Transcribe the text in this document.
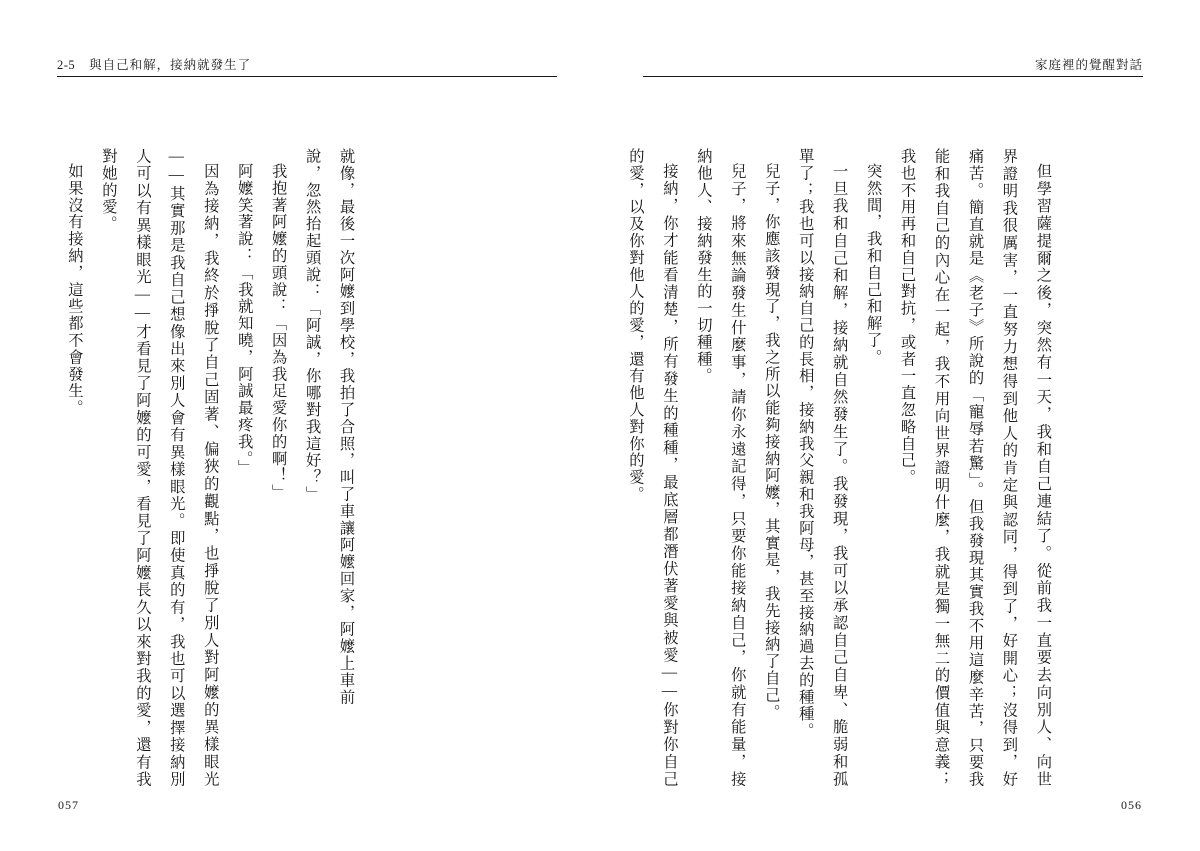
2-5 與自己和解，接納就發生了	家庭裡的覺醒對話

但學習薩提爾之後，突然有一天，我和自己連結了。從前我一直要去向別人、向世界證明我很厲害，一直努力想得到他人的肯定與認同，得到了，好開心；沒得到，好痛苦。簡直就是《老子》所說的「寵辱若驚」。但我發現其實我不用這麼辛苦，只要我能和我自己的內心在一起，我不用向世界證明什麼，我就是獨一無二的價值與意義；我也不用再和自己對抗，或者一直忽略自己。

突然間，我和自己和解了。

一旦我和自己和解，接納就自然發生了。我發現，我可以承認自己自卑、脆弱和孤單了；我也可以接納自己的長相，接納我父親和我阿母，甚至接納過去的種種。

兒子，你應該發現了，我之所以能夠接納阿嬤，其實是，我先接納了自己。

兒子，將來無論發生什麼事，請你永遠記得，只要你能接納自己，你就有能量，接納他人、接納發生的一切種種。

接納，你才能看清楚，所有發生的種種，最底層都潛伏著愛與被愛——你對你自己的愛，以及你對他人的愛，還有他人對你的愛。

就像，最後一次阿嬤到學校，我拍了合照，叫了車讓阿嬤回家，阿嬤上車前

說，忽然抬起頭說：「阿誠，你哪對我這好？」

我抱著阿嬤的頭說：「因為我足愛你的啊！」

阿嬤笑著說：「我就知曉，阿誠最疼我。」

因為接納，我終於掙脫了自己固著、偏狹的觀點，也掙脫了別人對阿嬤的異樣眼光——其實那是我自己想像出來別人會有異樣眼光。即使真的有，我也可以選擇接納別人可以有異樣眼光——才看見了阿嬤的可愛，看見了阿嬤長久以來對我的愛，還有我對她的愛。

如果沒有接納，這些都不會發生。

057	056
